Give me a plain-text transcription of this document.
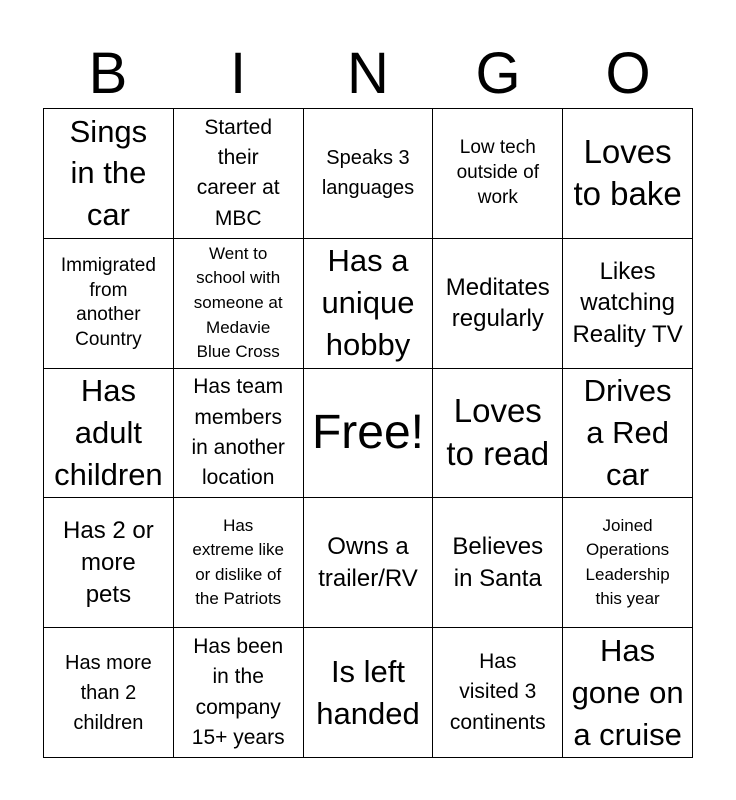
B	I	N	G	O
Sings
in the
car
Started
their
career at
MBC
Speaks 3
languages
Low tech
outside of
work
Loves
to bake
Immigrated
from
another
Country
Went to
school with
someone at
Medavie
Blue Cross
Has a
unique
hobby
Meditates
regularly
Likes
watching
Reality TV
Has
adult
children
Has team
members
in another
location
Free! Loves
to read
Drives
a Red
car
Has 2 or
more
pets
Has
extreme like
or dislike of
the Patriots
Owns a
trailer/RV
Believes
in Santa
Joined
Operations
Leadership
this year
Has more
than 2
children
Has been
in the
company
15+ years
Is left
handed
Has
visited 3
continents
Has
gone on
a cruise
